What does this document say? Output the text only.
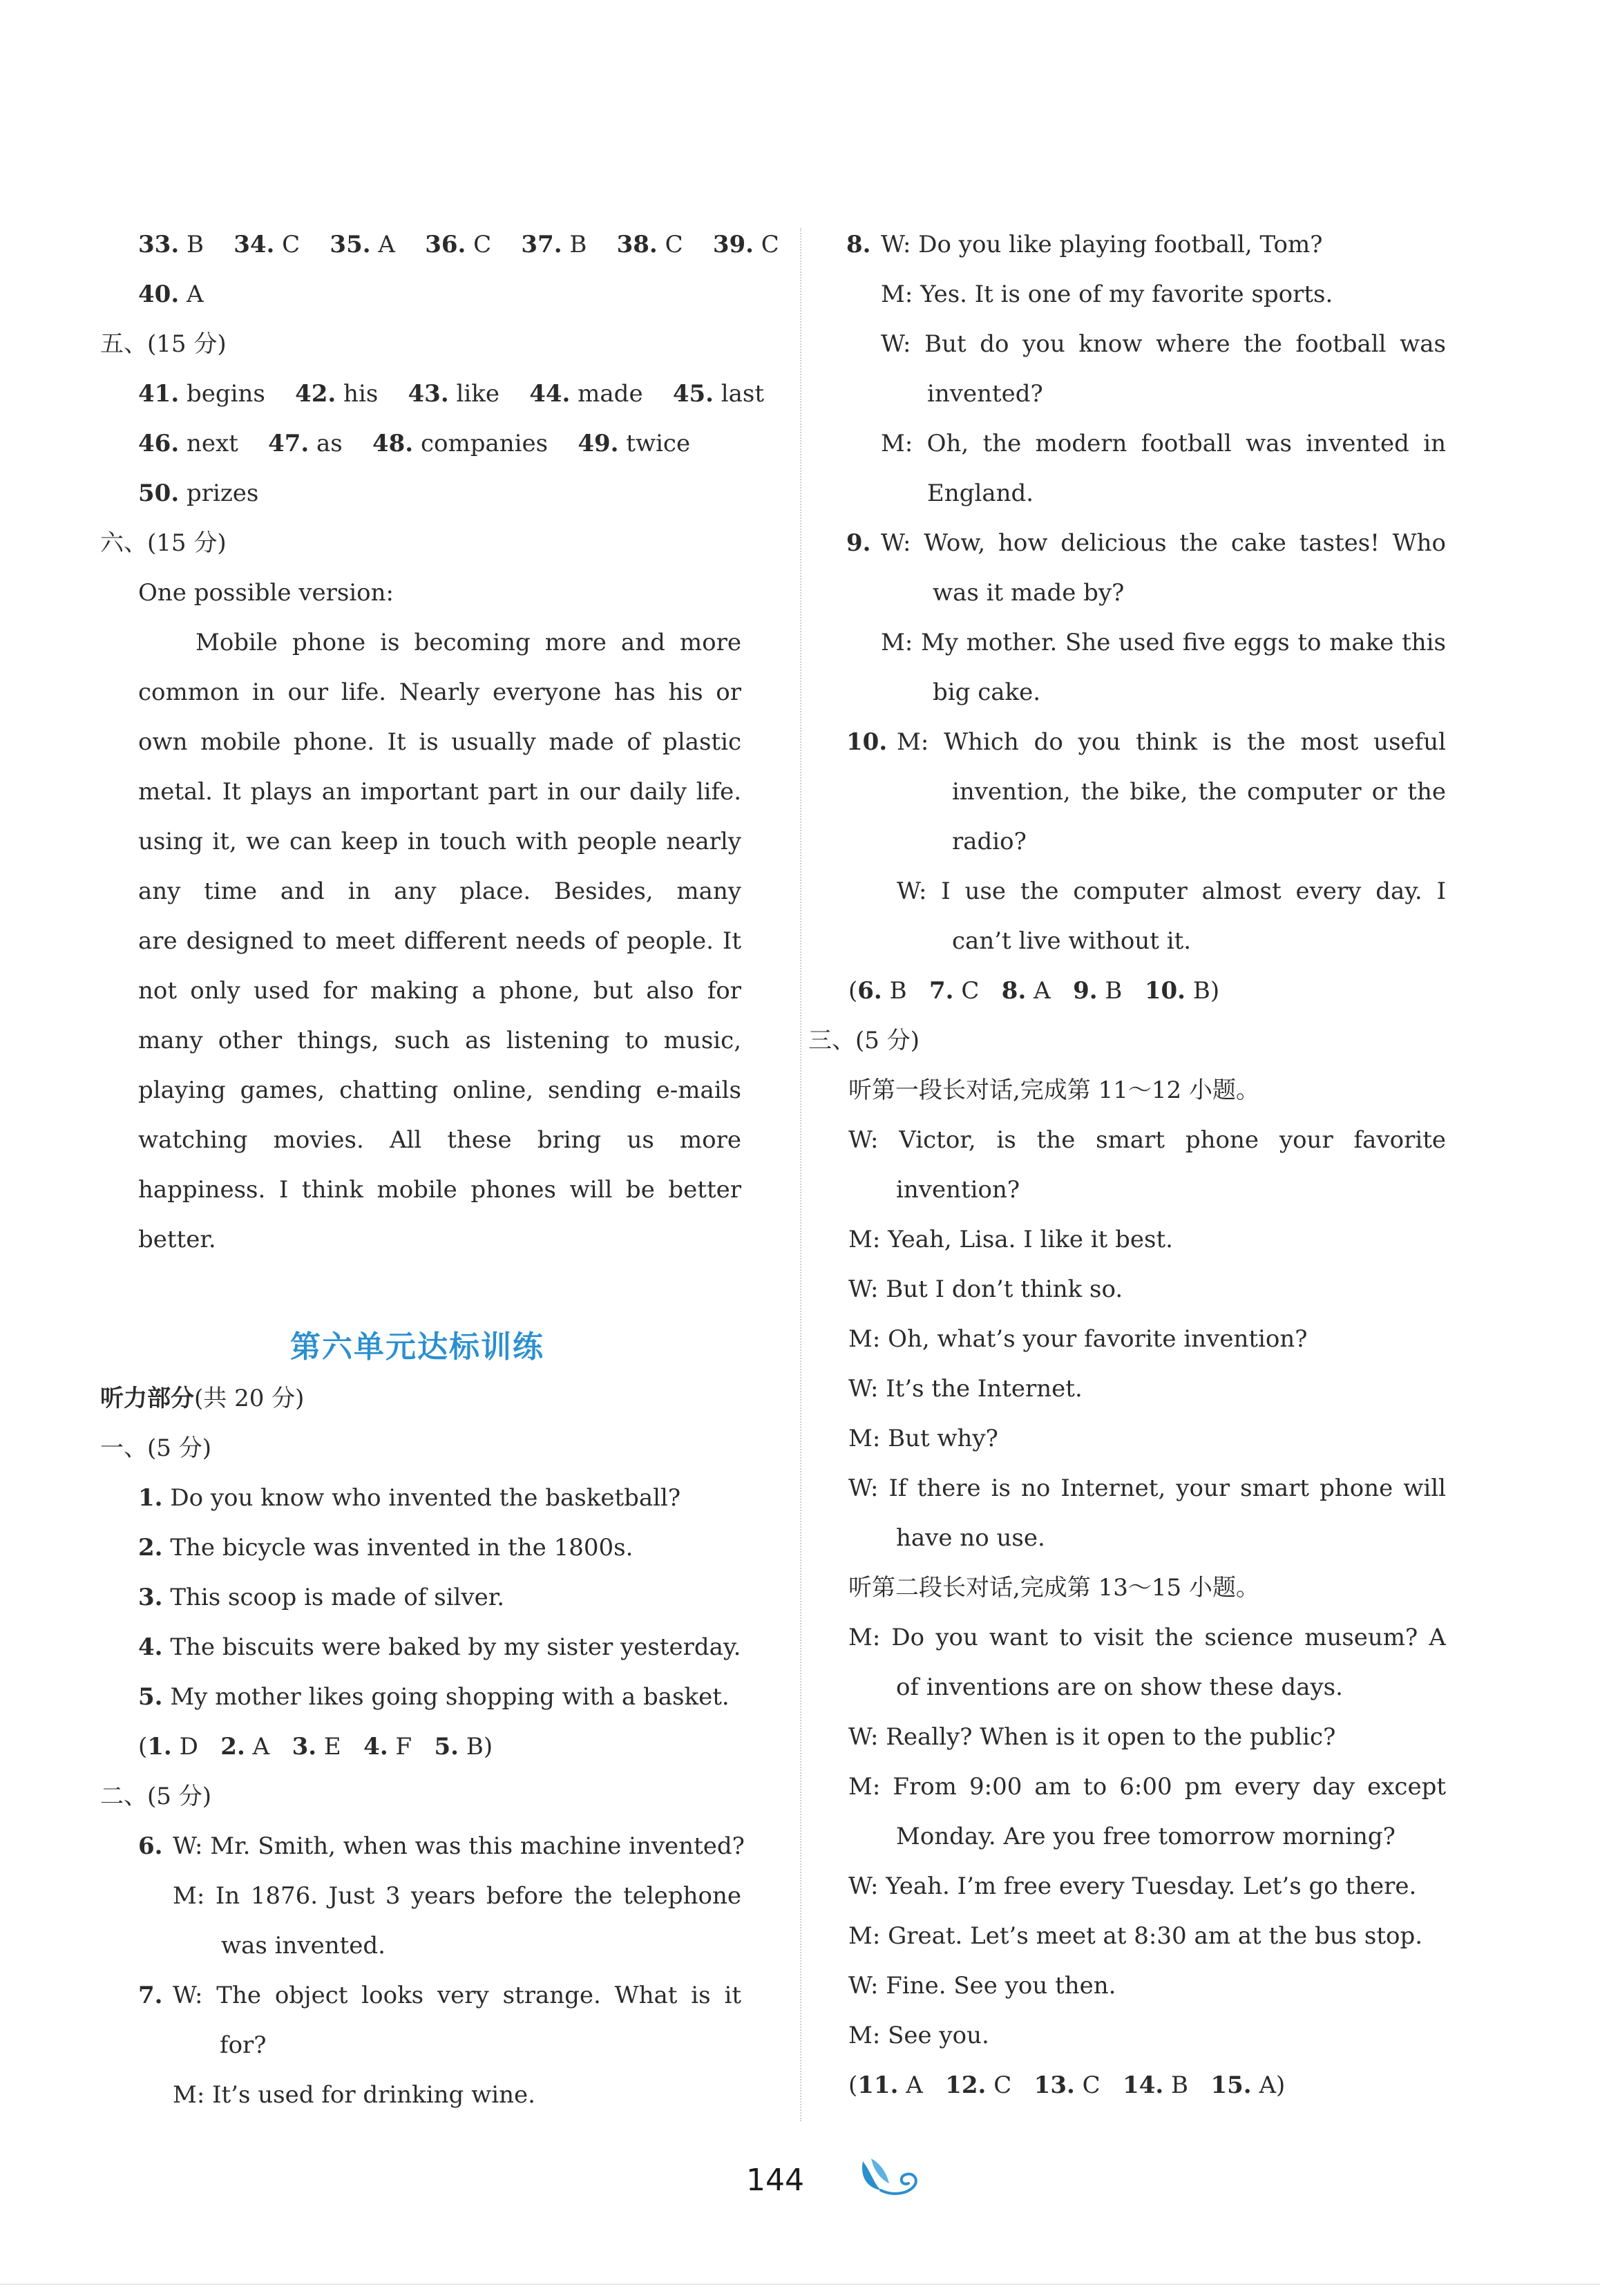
33. B 34. C 35. A 36. C 37. B 38. C 39. C
40. A
五、(15 分)
41. begins 42. his 43. like 44. made 45. last
46. next 47. as 48. companies 49. twice
50. prizes
六、(15 分)
One possible version:
Mobile phone is becoming more and more
common in our life. Nearly everyone has his or
own mobile phone. It is usually made of plastic
metal. It plays an important part in our daily life.
using it, we can keep in touch with people nearly
any time and in any place. Besides, many
are designed to meet different needs of people. It
not only used for making a phone, but also for
many other things, such as listening to music,
playing games, chatting online, sending e-mails
watching movies. All these bring us more
happiness. I think mobile phones will be better
better.
第六单元达标训练
听力部分(共 20 分)
一、(5 分)
1. Do you know who invented the basketball?
2. The bicycle was invented in the 1800s.
3. This scoop is made of silver.
4. The biscuits were baked by my sister yesterday.
5. My mother likes going shopping with a basket.
(1. D 2. A 3. E 4. F 5. B)
二、(5 分)
6. W: Mr. Smith, when was this machine invented?
M: In 1876. Just 3 years before the telephone
was invented.
7. W: The object looks very strange. What is it
for?
M: It’s used for drinking wine.
8. W: Do you like playing football, Tom?
M: Yes. It is one of my favorite sports.
W: But do you know where the football was
invented?
M: Oh, the modern football was invented in
England.
9. W: Wow, how delicious the cake tastes! Who
was it made by?
M: My mother. She used five eggs to make this
big cake.
10. M: Which do you think is the most useful
invention, the bike, the computer or the
radio?
W: I use the computer almost every day. I
can’t live without it.
(6. B 7. C 8. A 9. B 10. B)
三、(5 分)
听第一段长对话,完成第 11～12 小题。
W: Victor, is the smart phone your favorite
invention?
M: Yeah, Lisa. I like it best.
W: But I don’t think so.
M: Oh, what’s your favorite invention?
W: It’s the Internet.
M: But why?
W: If there is no Internet, your smart phone will
have no use.
听第二段长对话,完成第 13～15 小题。
M: Do you want to visit the science museum? A
of inventions are on show these days.
W: Really? When is it open to the public?
M: From 9:00 am to 6:00 pm every day except
Monday. Are you free tomorrow morning?
W: Yeah. I’m free every Tuesday. Let’s go there.
M: Great. Let’s meet at 8:30 am at the bus stop.
W: Fine. See you then.
M: See you.
(11. A 12. C 13. C 14. B 15. A)
144
